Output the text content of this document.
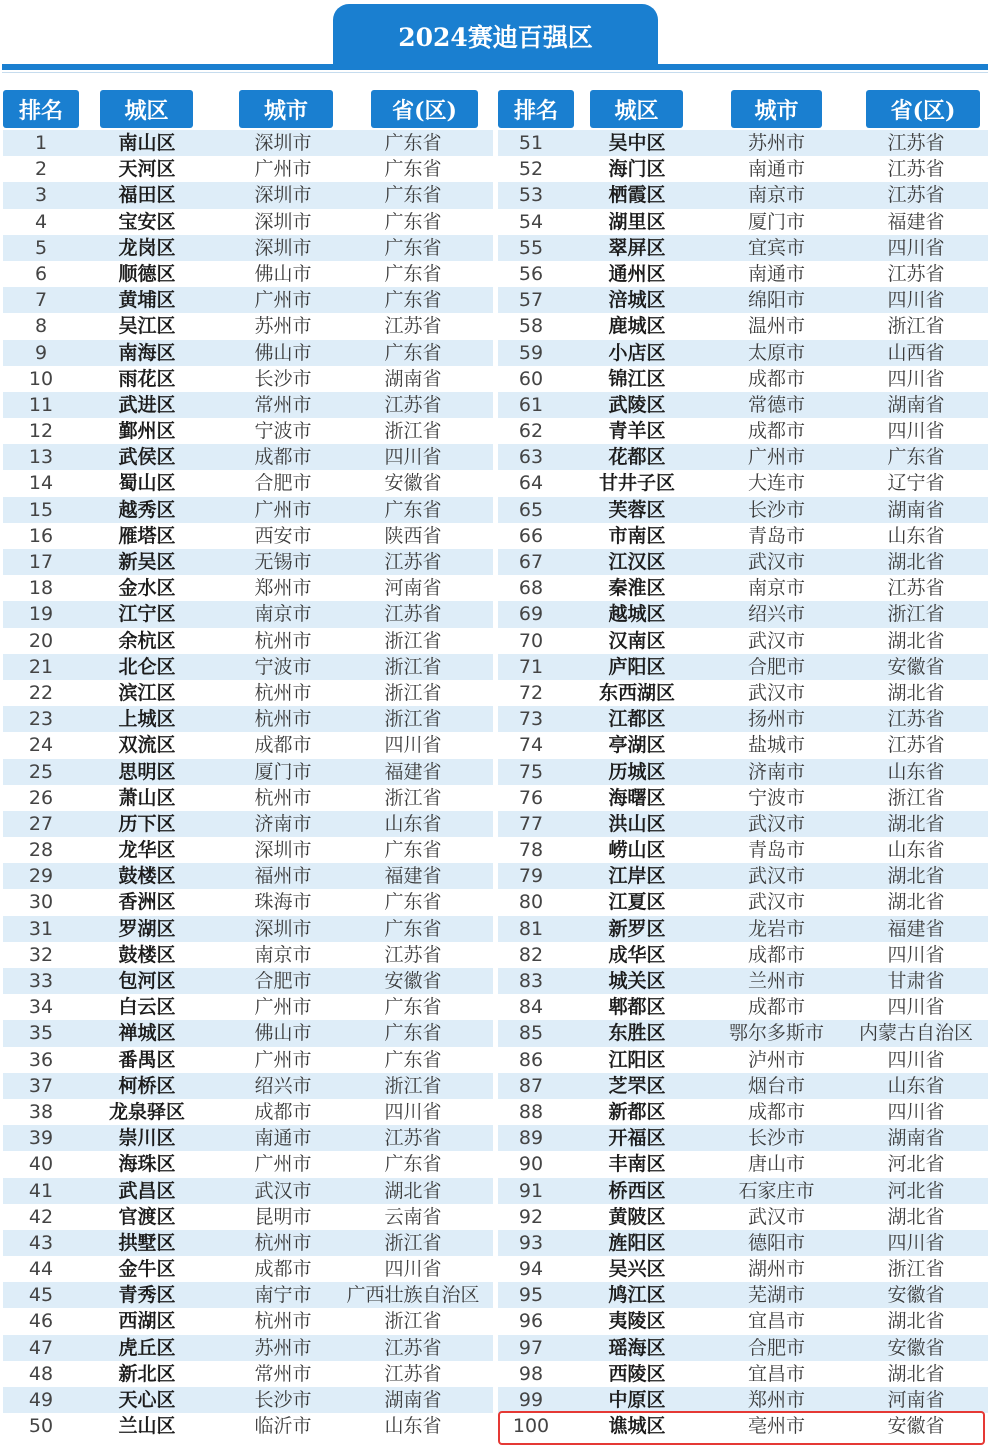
2024赛迪百强区
排名	城区	城市	省(区)
1	南山区	深圳市	广东省
2	天河区	广州市	广东省
3	福田区	深圳市	广东省
4	宝安区	深圳市	广东省
5	龙岗区	深圳市	广东省
6	顺德区	佛山市	广东省
7	黄埔区	广州市	广东省
8	吴江区	苏州市	江苏省
9	南海区	佛山市	广东省
10	雨花区	长沙市	湖南省
11	武进区	常州市	江苏省
12	鄞州区	宁波市	浙江省
13	武侯区	成都市	四川省
14	蜀山区	合肥市	安徽省
15	越秀区	广州市	广东省
16	雁塔区	西安市	陕西省
17	新吴区	无锡市	江苏省
18	金水区	郑州市	河南省
19	江宁区	南京市	江苏省
20	余杭区	杭州市	浙江省
21	北仑区	宁波市	浙江省
22	滨江区	杭州市	浙江省
23	上城区	杭州市	浙江省
24	双流区	成都市	四川省
25	思明区	厦门市	福建省
26	萧山区	杭州市	浙江省
27	历下区	济南市	山东省
28	龙华区	深圳市	广东省
29	鼓楼区	福州市	福建省
30	香洲区	珠海市	广东省
31	罗湖区	深圳市	广东省
32	鼓楼区	南京市	江苏省
33	包河区	合肥市	安徽省
34	白云区	广州市	广东省
35	禅城区	佛山市	广东省
36	番禺区	广州市	广东省
37	柯桥区	绍兴市	浙江省
38	龙泉驿区	成都市	四川省
39	崇川区	南通市	江苏省
40	海珠区	广州市	广东省
41	武昌区	武汉市	湖北省
42	官渡区	昆明市	云南省
43	拱墅区	杭州市	浙江省
44	金牛区	成都市	四川省
45	青秀区	南宁市	广西壮族自治区
46	西湖区	杭州市	浙江省
47	虎丘区	苏州市	江苏省
48	新北区	常州市	江苏省
49	天心区	长沙市	湖南省
50	兰山区	临沂市	山东省
排名	城区	城市	省(区)
51	吴中区	苏州市	江苏省
52	海门区	南通市	江苏省
53	栖霞区	南京市	江苏省
54	湖里区	厦门市	福建省
55	翠屏区	宜宾市	四川省
56	通州区	南通市	江苏省
57	涪城区	绵阳市	四川省
58	鹿城区	温州市	浙江省
59	小店区	太原市	山西省
60	锦江区	成都市	四川省
61	武陵区	常德市	湖南省
62	青羊区	成都市	四川省
63	花都区	广州市	广东省
64	甘井子区	大连市	辽宁省
65	芙蓉区	长沙市	湖南省
66	市南区	青岛市	山东省
67	江汉区	武汉市	湖北省
68	秦淮区	南京市	江苏省
69	越城区	绍兴市	浙江省
70	汉南区	武汉市	湖北省
71	庐阳区	合肥市	安徽省
72	东西湖区	武汉市	湖北省
73	江都区	扬州市	江苏省
74	亭湖区	盐城市	江苏省
75	历城区	济南市	山东省
76	海曙区	宁波市	浙江省
77	洪山区	武汉市	湖北省
78	崂山区	青岛市	山东省
79	江岸区	武汉市	湖北省
80	江夏区	武汉市	湖北省
81	新罗区	龙岩市	福建省
82	成华区	成都市	四川省
83	城关区	兰州市	甘肃省
84	郫都区	成都市	四川省
85	东胜区	鄂尔多斯市	内蒙古自治区
86	江阳区	泸州市	四川省
87	芝罘区	烟台市	山东省
88	新都区	成都市	四川省
89	开福区	长沙市	湖南省
90	丰南区	唐山市	河北省
91	桥西区	石家庄市	河北省
92	黄陂区	武汉市	湖北省
93	旌阳区	德阳市	四川省
94	吴兴区	湖州市	浙江省
95	鸠江区	芜湖市	安徽省
96	夷陵区	宜昌市	湖北省
97	瑶海区	合肥市	安徽省
98	西陵区	宜昌市	湖北省
99	中原区	郑州市	河南省
100	谯城区	亳州市	安徽省
